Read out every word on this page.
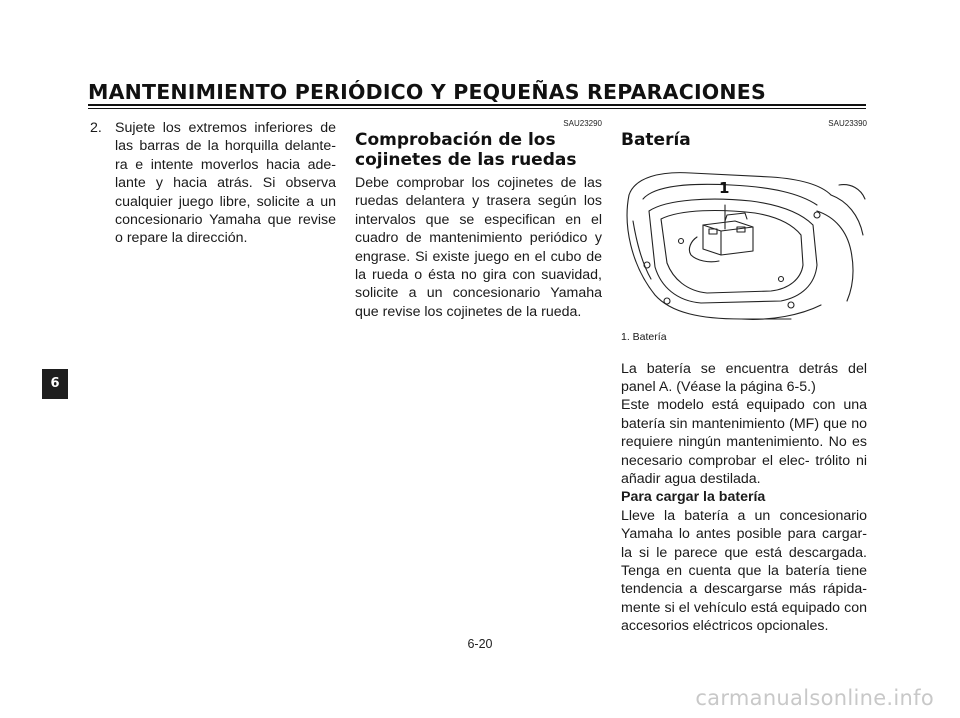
MANTENIMIENTO PERIÓDICO Y PEQUEÑAS REPARACIONES
6
2. Sujete los extremos inferiores de las barras de la horquilla delante- ra e intente moverlos hacia ade- lante y hacia atrás. Si observa cualquier juego libre, solicite a un concesionario Yamaha que revise o repare la dirección.
SAU23290
Comprobación de los cojinetes de las ruedas

Debe comprobar los cojinetes de las ruedas delantera y trasera según los intervalos que se especifican en el cuadro de mantenimiento periódico y engrase. Si existe juego en el cubo de la rueda o ésta no gira con suavidad, solicite a un concesionario Yamaha que revise los cojinetes de la rueda.

SAU23390
Batería
1
1. Batería

La batería se encuentra detrás del panel A. (Véase la página 6-5.)

Este modelo está equipado con una batería sin mantenimiento (MF) que no requiere ningún mantenimiento. No es necesario comprobar el elec- trólito ni añadir agua destilada.

Para cargar la batería

Lleve la batería a un concesionario Yamaha lo antes posible para cargar- la si le parece que está descargada. Tenga en cuenta que la batería tiene tendencia a descargarse más rápida- mente si el vehículo está equipado con accesorios eléctricos opcionales.

6-20
carmanualsonline.info
